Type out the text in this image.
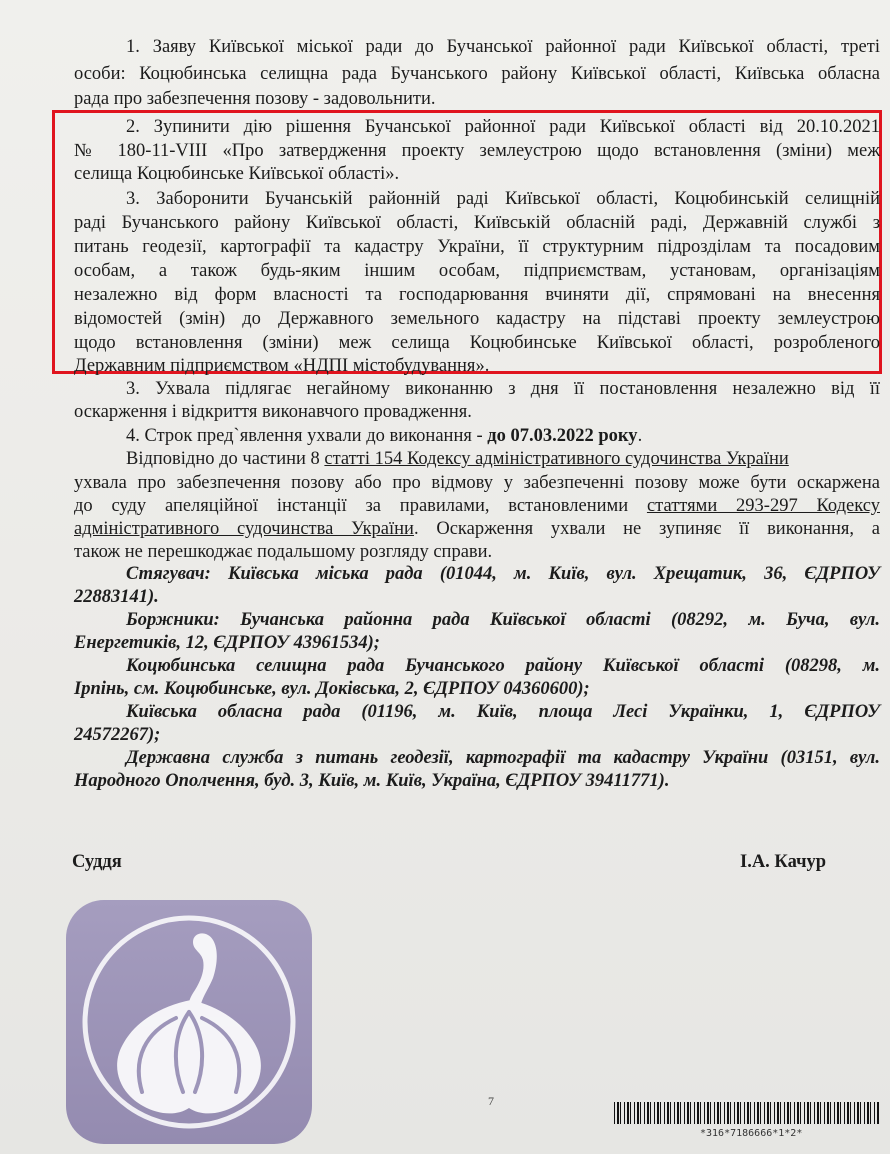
1. Заяву Київської міської ради до Бучанської районної ради Київської області, треті
особи: Коцюбинська селищна рада Бучанського району Київської області, Київська обласна
рада про забезпечення позову - задовольнити.
2. Зупинити дію рішення Бучанської районної ради Київської області від 20.10.2021
№ 180-11-VIII «Про затвердження проекту землеустрою щодо встановлення (зміни) меж
селища Коцюбинське Київської області».
3. Заборонити Бучанській районній раді Київської області, Коцюбинській селищній
раді Бучанського району Київської області, Київській обласній раді, Державній службі з
питань геодезії, картографії та кадастру України, її структурним підрозділам та посадовим
особам, а також будь-яким іншим особам, підприємствам, установам, організаціям
незалежно від форм власності та господарювання вчиняти дії, спрямовані на внесення
відомостей (змін) до Державного земельного кадастру на підставі проекту землеустрою
щодо встановлення (зміни) меж селища Коцюбинське Київської області, розробленого
Державним підприємством «НДПІ містобудування».
3. Ухвала підлягає негайному виконанню з дня її постановлення незалежно від її
оскарження і відкриття виконавчого провадження.
4. Строк пред`явлення ухвали до виконання - до 07.03.2022 року.
Відповідно до частини 8 статті 154 Кодексу адміністративного судочинства України
ухвала про забезпечення позову або про відмову у забезпеченні позову може бути оскаржена
до суду апеляційної інстанції за правилами, встановленими статтями 293-297 Кодексу
адміністративного судочинства України. Оскарження ухвали не зупиняє її виконання, а
також не перешкоджає подальшому розгляду справи.
Стягувач: Київська міська рада (01044, м. Київ, вул. Хрещатик, 36, ЄДРПОУ
22883141).
Боржники: Бучанська районна рада Київської області (08292, м. Буча, вул.
Енергетиків, 12, ЄДРПОУ 43961534);
Коцюбинська селищна рада Бучанського району Київської області (08298, м.
Ірпінь, см. Коцюбинське, вул. Доківська, 2, ЄДРПОУ 04360600);
Київська обласна рада (01196, м. Київ, площа Лесі Українки, 1, ЄДРПОУ
24572267);
Державна служба з питань геодезії, картографії та кадастру України (03151, вул.
Народного Ополчення, буд. 3, Київ, м. Київ, Україна, ЄДРПОУ 39411771).
Суддя	І.А. Качур
7
*316*7186666*1*2*
